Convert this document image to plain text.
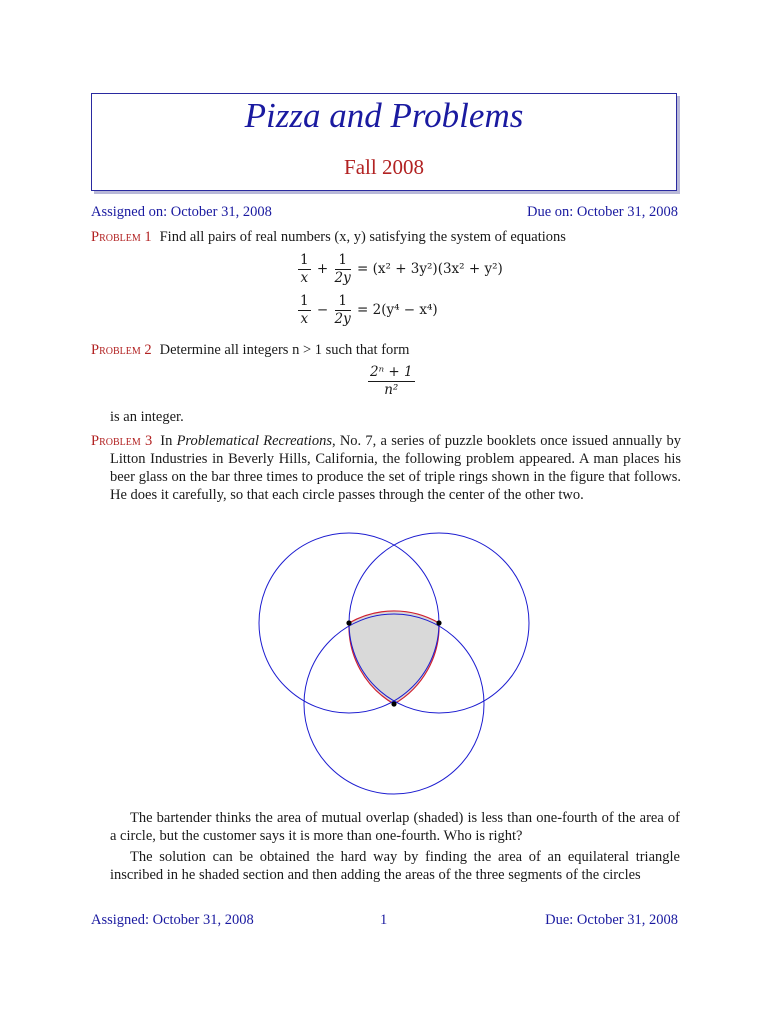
Pizza and Problems
Fall 2008
Assigned on: October 31, 2008	Due on: October 31, 2008
Problem 1 Find all pairs of real numbers (x, y) satisfying the system of equations
$\frac{1}{x} + \frac{1}{2y} = (x^2 + 3y^2)(3x^2 + y^2)$
$\frac{1}{x} - \frac{1}{2y} = 2(y^4 - x^4)$
Problem 2 Determine all integers n > 1 such that form
$\frac{\text{2ⁿ + 1}}{\text{n²}}$
is an integer.
Problem 3 In Problematical Recreations, No. 7, a series of puzzle booklets once issued annually by Litton Industries in Beverly Hills, California, the following problem appeared. A man places his beer glass on the bar three times to produce the set of triple rings shown in the figure that follows. He does it carefully, so that each circle passes through the center of the other two.
The bartender thinks the area of mutual overlap (shaded) is less than one-fourth of the area of a circle, but the customer says it is more than one-fourth. Who is right?
The solution can be obtained the hard way by finding the area of an equilateral triangle inscribed in he shaded section and then adding the areas of the three segments of the circles
Assigned: October 31, 2008	1	Due: October 31, 2008
